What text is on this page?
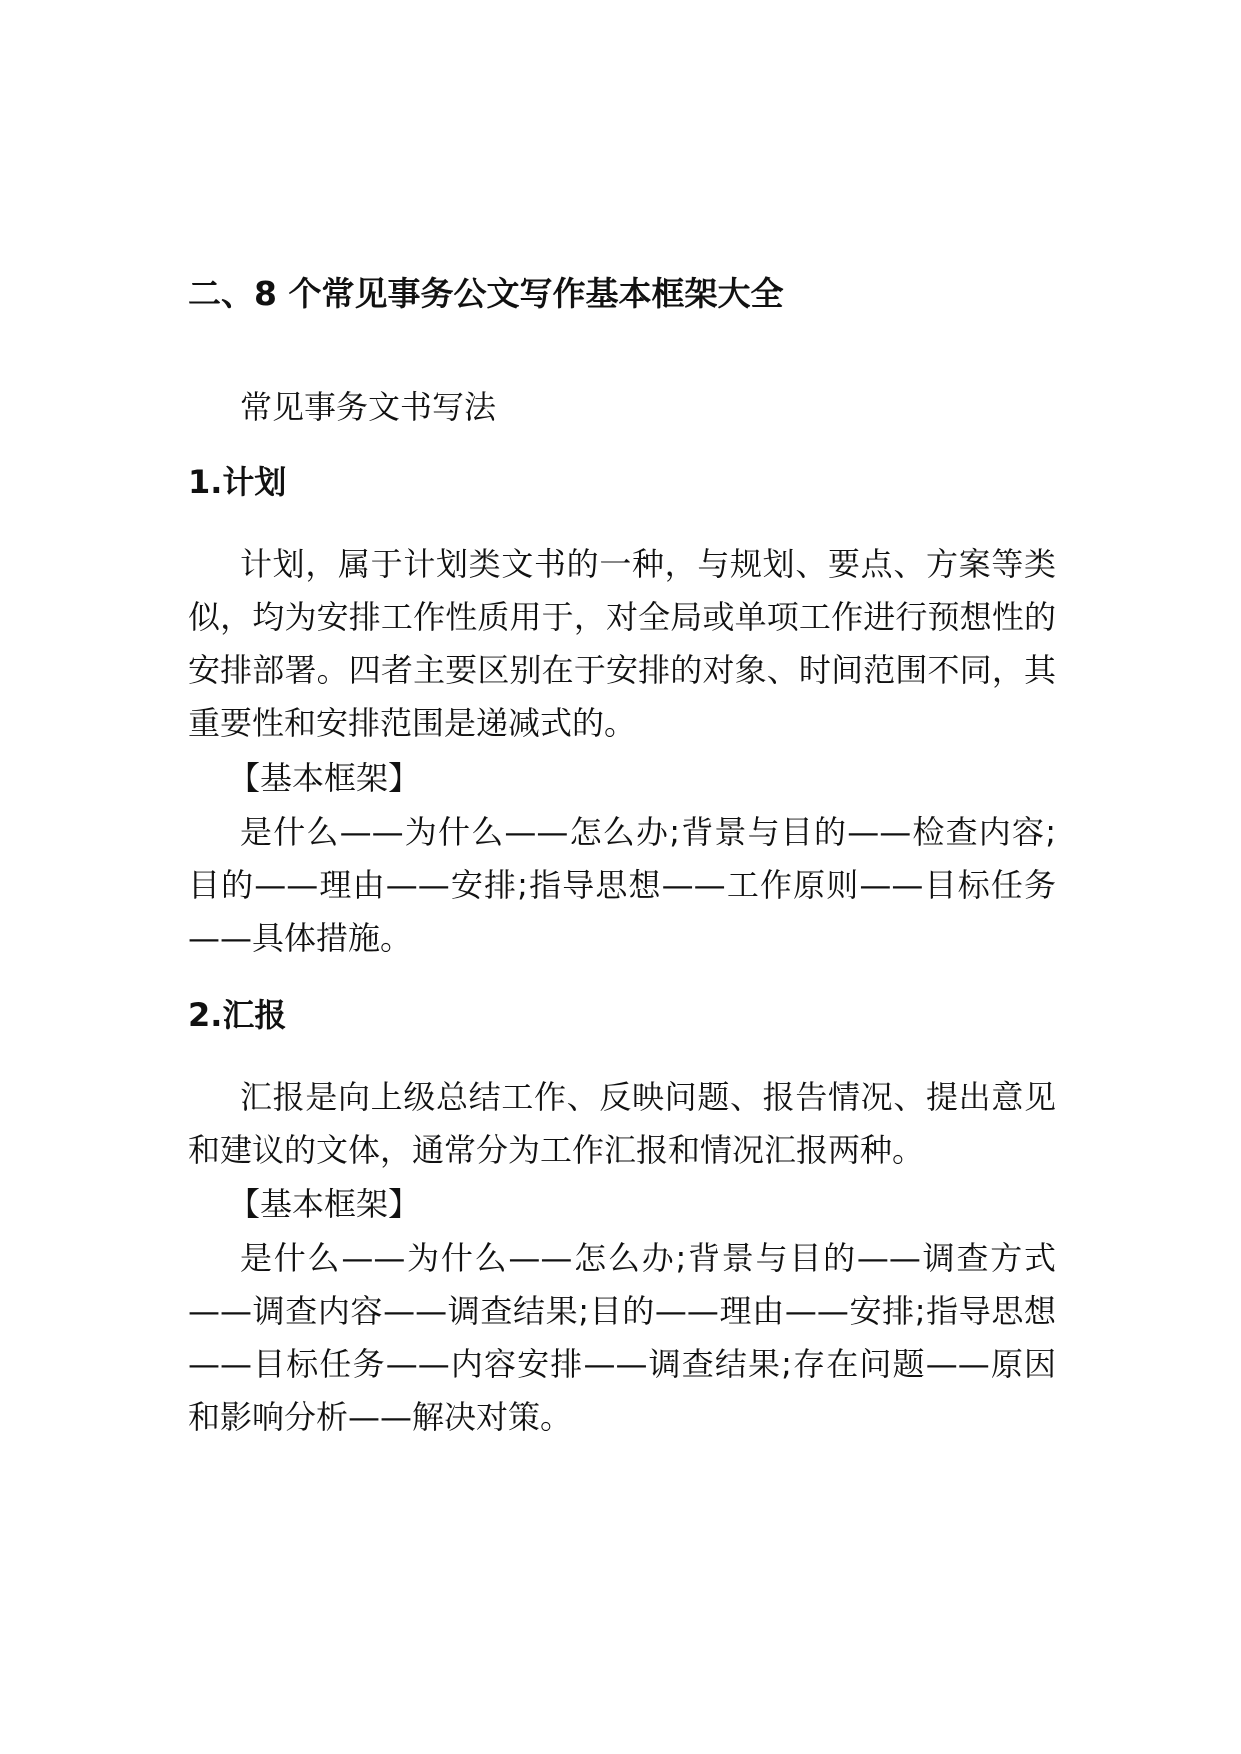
二、8 个常见事务公文写作基本框架大全

常见事务文书写法

1.计划

计划，属于计划类文书的一种，与规划、要点、方案等类似，均为安排工作性质用于，对全局或单项工作进行预想性的安排部署。四者主要区别在于安排的对象、时间范围不同，其重要性和安排范围是递减式的。

【基本框架】

是什么——为什么——怎么办;背景与目的——检查内容;目的——理由——安排;指导思想——工作原则——目标任务——具体措施。

2.汇报

汇报是向上级总结工作、反映问题、报告情况、提出意见和建议的文体，通常分为工作汇报和情况汇报两种。

【基本框架】

是什么——为什么——怎么办;背景与目的——调查方式——调查内容——调查结果;目的——理由——安排;指导思想——目标任务——内容安排——调查结果;存在问题——原因和影响分析——解决对策。
